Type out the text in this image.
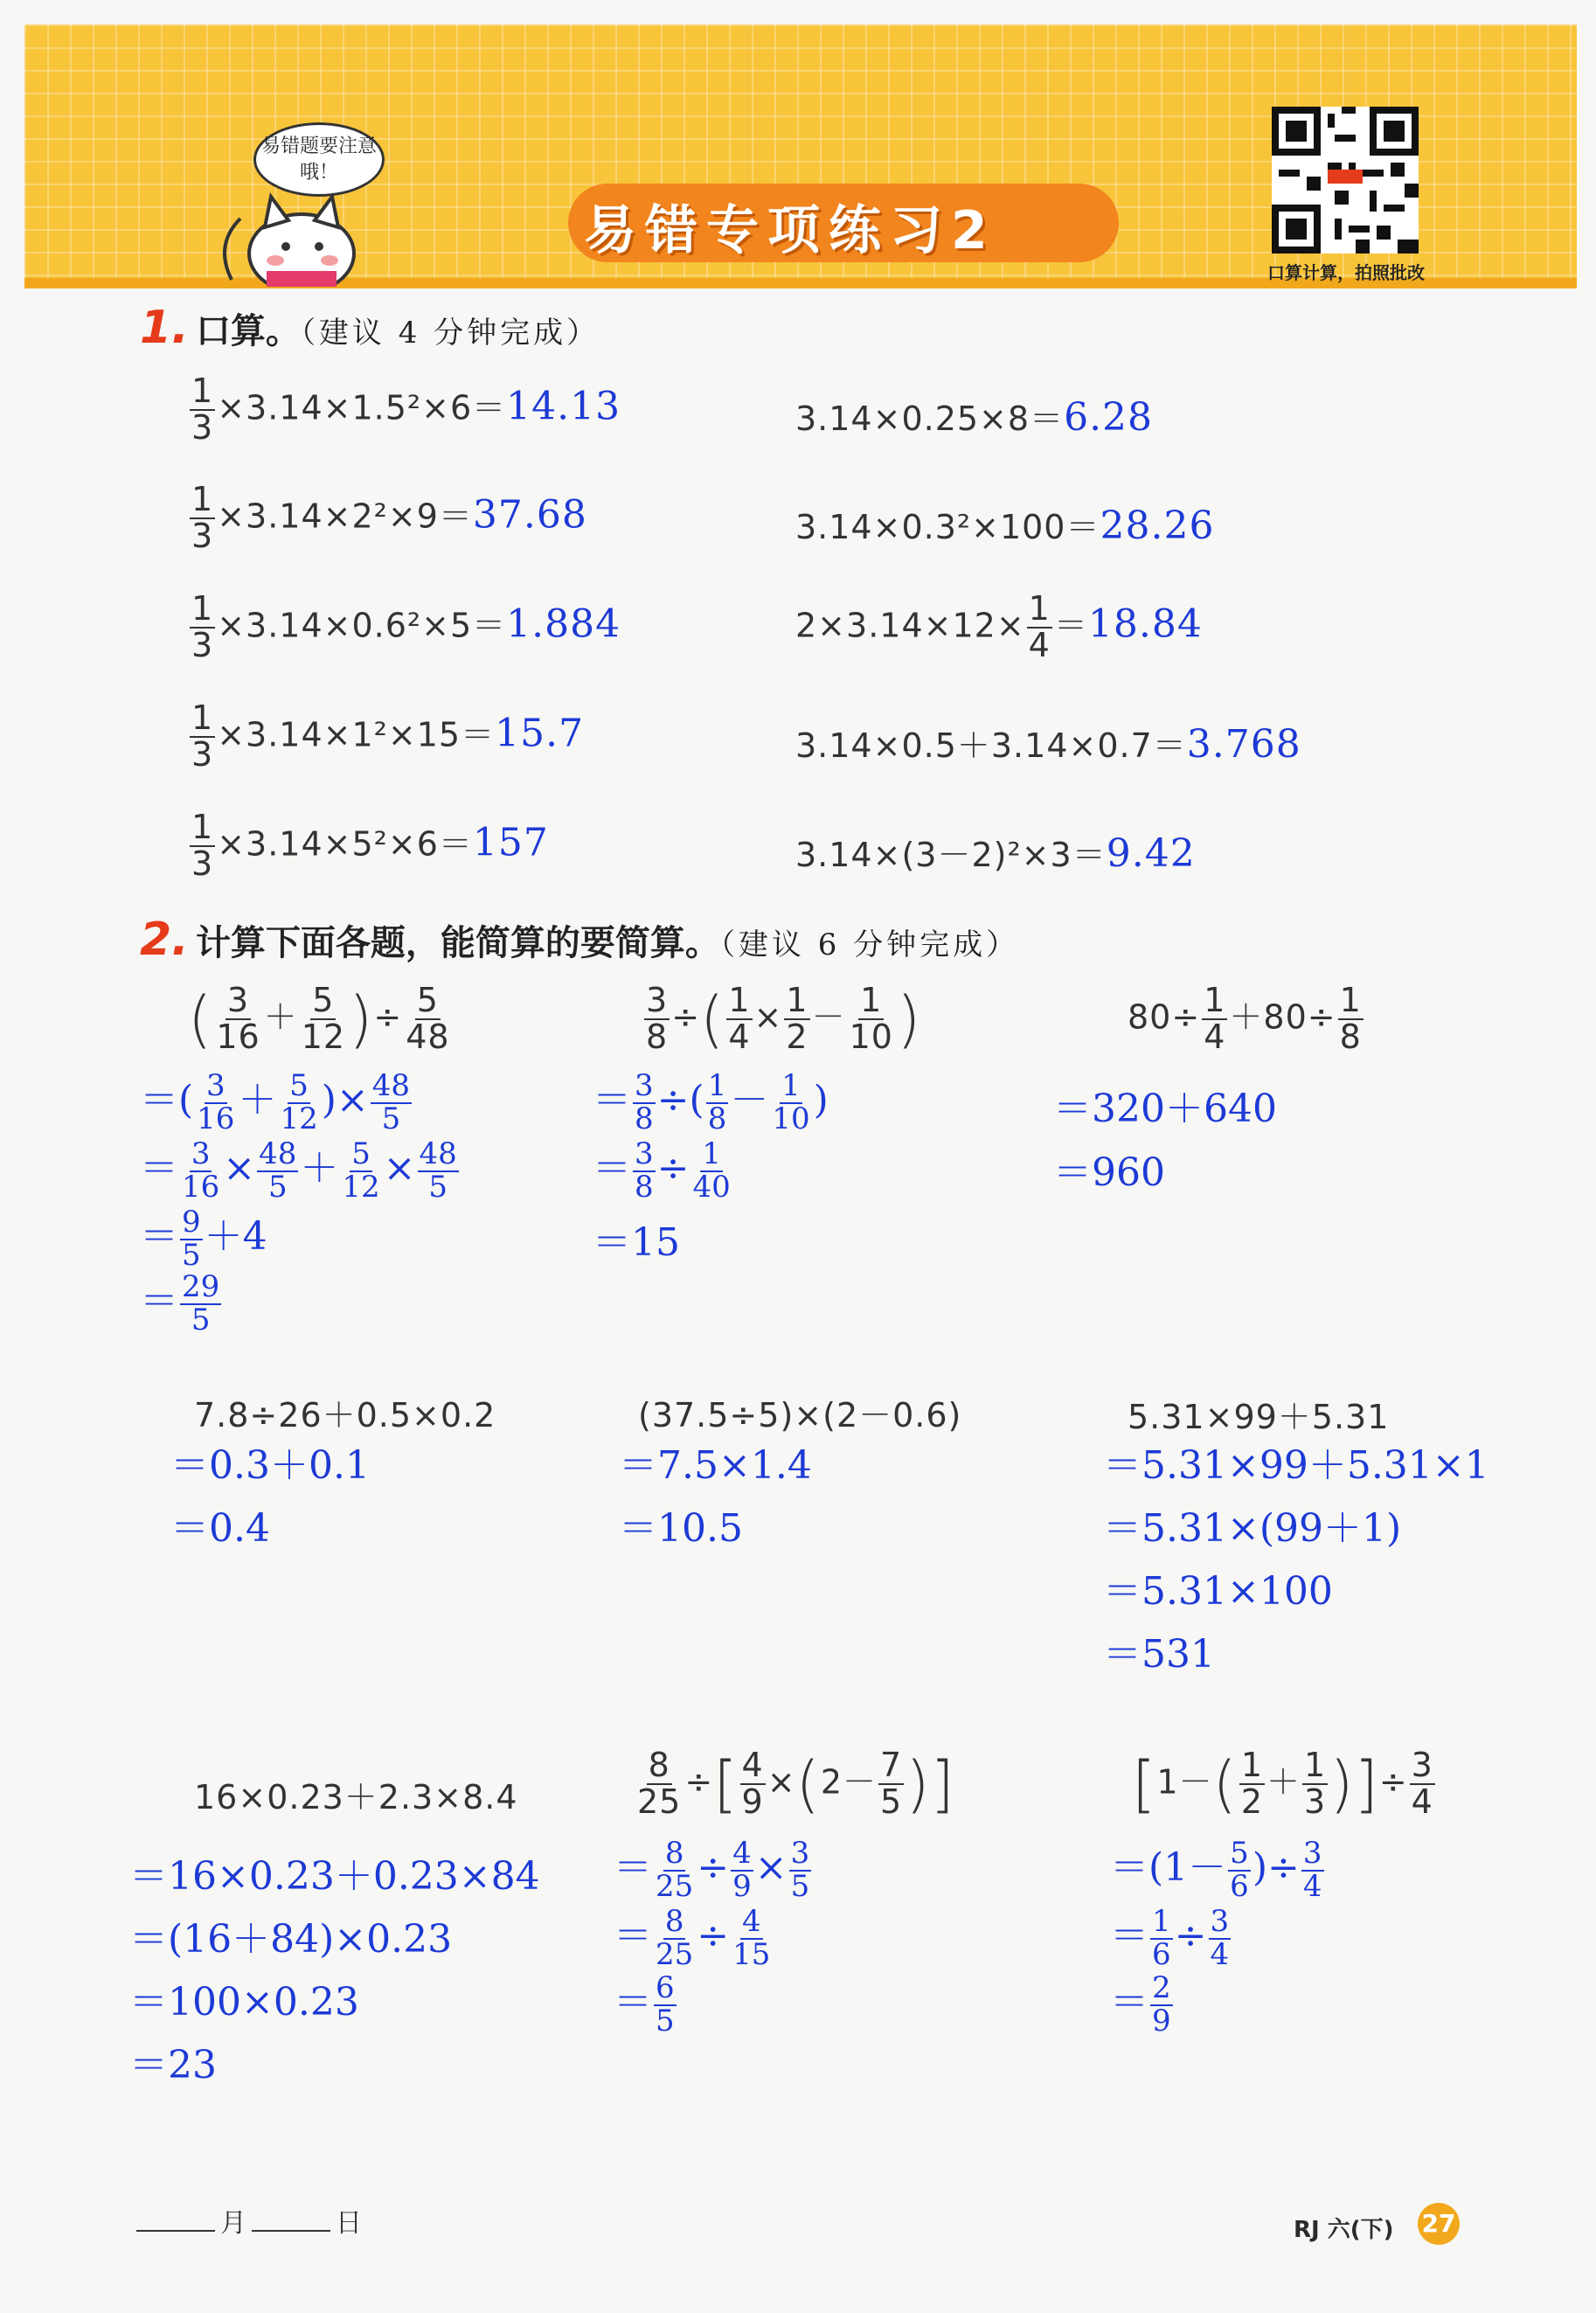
易错题要注意哦！
易错专项练习2
口算计算，拍照批改
1. 口算。（建议 4 分钟完成）
$\frac{1}{3} \times 3.14\times 1.5^2\times 6=14.13$
$\frac{1}{3} \times 3.14\times 2^2\times 9=37.68$
$\frac{1}{3} \times 3.14\times 0.6^2\times 5=1.884$
$\frac{1}{3} \times 3.14\times 1^2\times 15=15.7$
$\frac{1}{3} \times 3.14\times 5^2\times 6=157$
3.14×0.25×8＝6.28
3.14×0.3²×100＝28.26
$2\times 3.14\times 12\times \frac{1}{4} =18.84$
3.14×0.5＋3.14×0.7＝3.768
3.14×(3－2)²×3＝9.42
2. 计算下面各题，能简算的要简算。（建议 6 分钟完成）
( $\frac{3}{16} + \frac{5}{12}$ )÷ $\frac{5}{48}$
＝( $\frac{3}{16} + \frac{5}{12}$ )× $\frac{48}{5}$
＝ $\frac{3}{16} \times \frac{48}{5} + \frac{5}{12} \times \frac{48}{5}$
＝ $\frac{9}{5} +4$
＝ $\frac{29}{5}$
$\frac{3}{8}$ ÷( $\frac{1}{4} \times \frac{1}{2} - \frac{1}{10}$ )
＝ $\frac{3}{8}$ ÷( $\frac{1}{8} - \frac{1}{10}$ )
＝ $\frac{3}{8} \div \frac{1}{40}$
＝15
$80\div \frac{1}{4} +80\div \frac{1}{8}$
＝320＋640
＝960
7.8÷26＋0.5×0.2
＝0.3＋0.1
＝0.4
(37.5÷5)×(2－0.6)
＝7.5×1.4
＝10.5
5.31×99＋5.31
＝5.31×99＋5.31×1
＝5.31×(99＋1)
＝5.31×100
＝531
16×0.23＋2.3×8.4
＝16×0.23＋0.23×84
＝(16＋84)×0.23
＝100×0.23
＝23
$\frac{8}{25}$ ÷[ $\frac{4}{9} \times(2- \frac{7}{5}$ )]
＝ $\frac{8}{25} \div \frac{4}{9} \times \frac{3}{5}$
＝ $\frac{8}{25} \div \frac{4}{15}$
＝ $\frac{6}{5}$
[$1-( \frac{1}{2} + \frac{1}{3}$ )]÷ $\frac{3}{4}$
$=(1- \frac{5}{6}$ )÷ $\frac{3}{4}$
＝ $\frac{1}{6} \div \frac{3}{4}$
＝ $\frac{2}{9}$
月	日	RJ 六(下) 27
